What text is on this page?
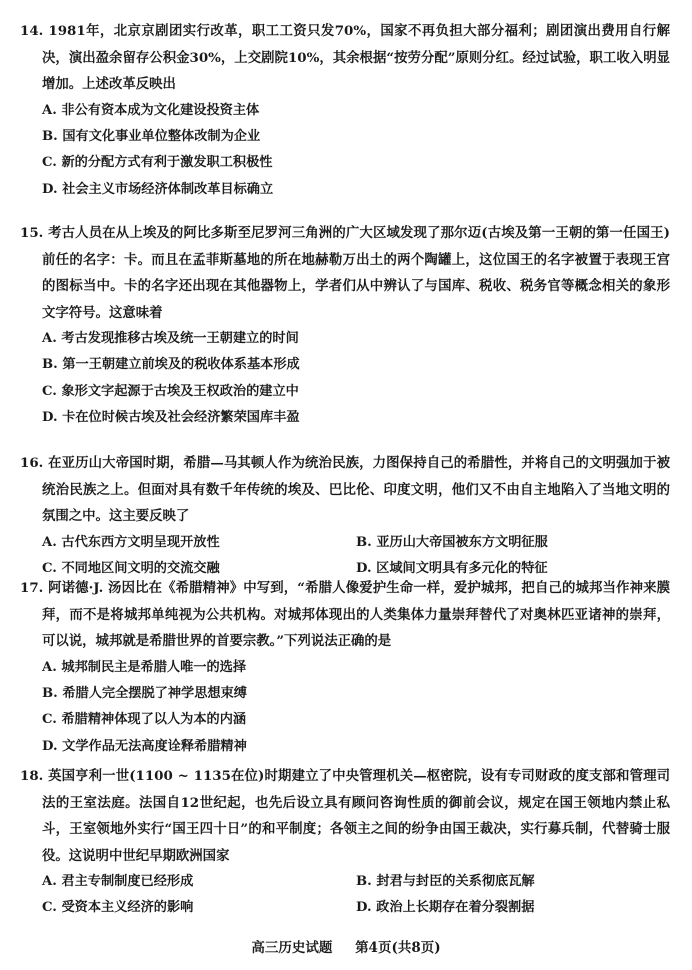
14. 1981年，北京京剧团实行改革，职工工资只发70%，国家不再负担大部分福利；剧团演出费用自行解决，演出盈余留存公积金30%，上交剧院10%，其余根据“按劳分配”原则分红。经过试验，职工收入明显增加。上述改革反映出

A. 非公有资本成为文化建设投资主体
B. 国有文化事业单位整体改制为企业
C. 新的分配方式有利于激发职工积极性
D. 社会主义市场经济体制改革目标确立

15. 考古人员在从上埃及的阿比多斯至尼罗河三角洲的广大区域发现了那尔迈(古埃及第一王朝的第一任国王)前任的名字：卡。而且在孟菲斯墓地的所在地赫勒万出土的两个陶罐上，这位国王的名字被置于表现王宫的图标当中。卡的名字还出现在其他器物上，学者们从中辨认了与国库、税收、税务官等概念相关的象形文字符号。这意味着

A. 考古发现推移古埃及统一王朝建立的时间
B. 第一王朝建立前埃及的税收体系基本形成
C. 象形文字起源于古埃及王权政治的建立中
D. 卡在位时候古埃及社会经济繁荣国库丰盈

16. 在亚历山大帝国时期，希腊—马其顿人作为统治民族，力图保持自己的希腊性，并将自己的文明强加于被统治民族之上。但面对具有数千年传统的埃及、巴比伦、印度文明，他们又不由自主地陷入了当地文明的氛围之中。这主要反映了

A. 古代东西方文明呈现开放性	B. 亚历山大帝国被东方文明征服
C. 不同地区间文明的交流交融	D. 区域间文明具有多元化的特征

17. 阿诺德·J. 汤因比在《希腊精神》中写到，“希腊人像爱护生命一样，爱护城邦，把自己的城邦当作神来膜拜，而不是将城邦单纯视为公共机构。对城邦体现出的人类集体力量崇拜替代了对奥林匹亚诸神的崇拜，可以说，城邦就是希腊世界的首要宗教。”下列说法正确的是

A. 城邦制民主是希腊人唯一的选择
B. 希腊人完全摆脱了神学思想束缚
C. 希腊精神体现了以人为本的内涵
D. 文学作品无法高度诠释希腊精神

18. 英国亨利一世(1100 ~ 1135在位)时期建立了中央管理机关—枢密院，设有专司财政的度支部和管理司法的王室法庭。法国自12世纪起，也先后设立具有顾问咨询性质的御前会议，规定在国王领地内禁止私斗，王室领地外实行“国王四十日”的和平制度；各领主之间的纷争由国王裁决，实行募兵制，代替骑士服役。这说明中世纪早期欧洲国家

A. 君主专制制度已经形成	B. 封君与封臣的关系彻底瓦解
C. 受资本主义经济的影响	D. 政治上长期存在着分裂割据
高三历史试题 第4页(共8页)
